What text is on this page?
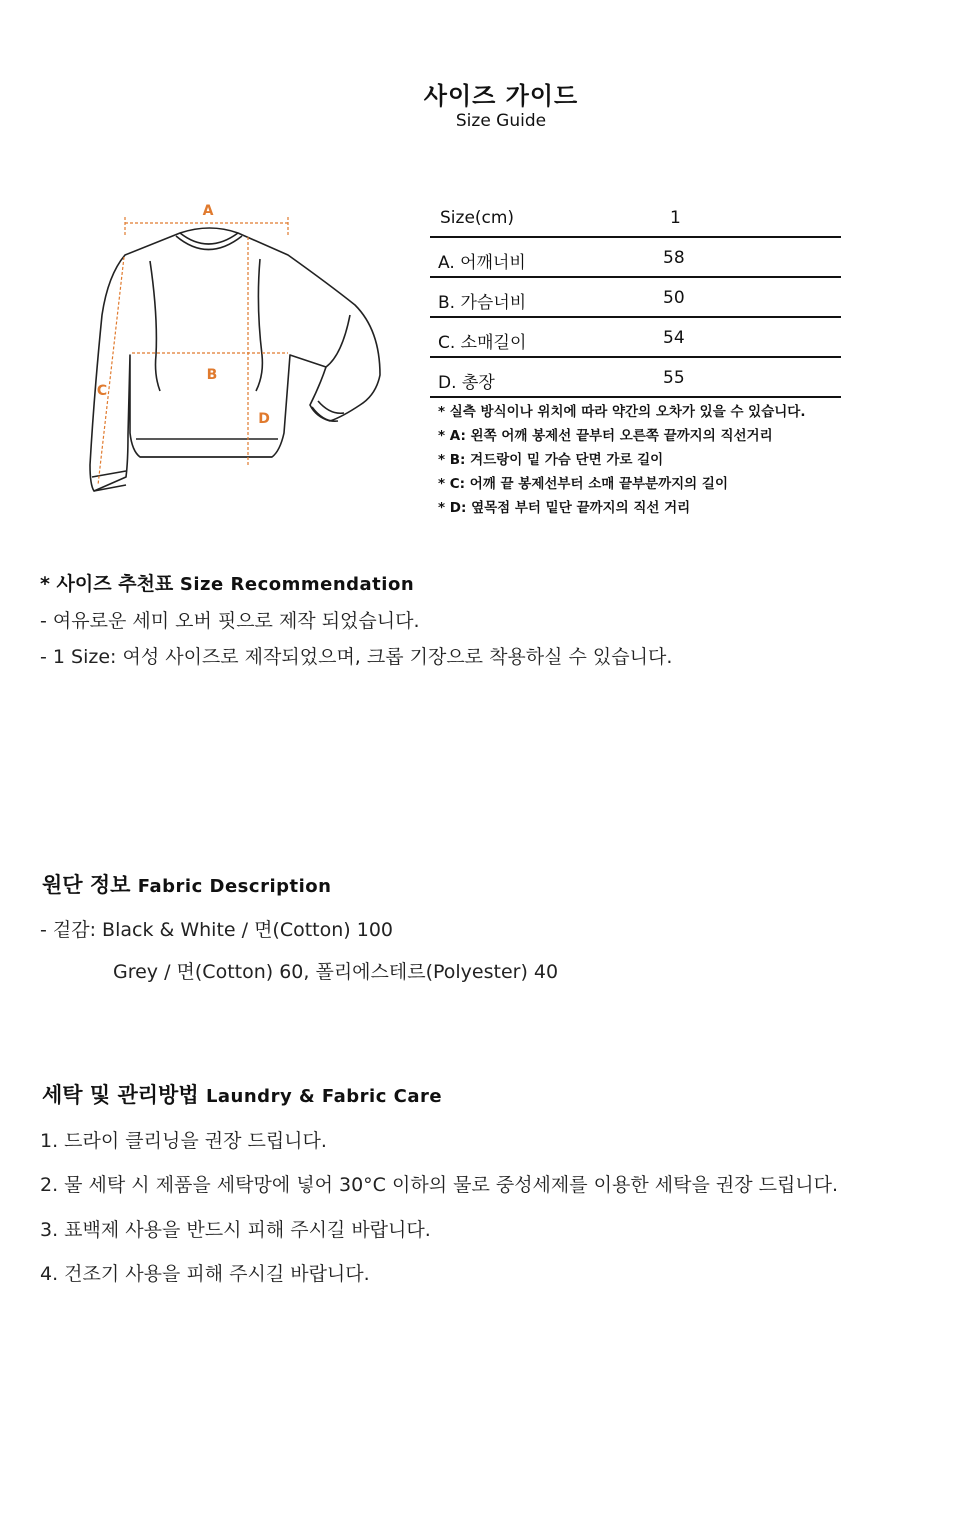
사이즈 가이드
Size Guide
A
B
C
D
Size(cm)	1
A. 어깨너비	58
B. 가슴너비	50
C. 소매길이	54
D. 총장	55
* 실측 방식이나 위치에 따라 약간의 오차가 있을 수 있습니다.
* A: 왼쪽 어깨 봉제선 끝부터 오른쪽 끝까지의 직선거리
* B: 겨드랑이 밑 가슴 단면 가로 길이
* C: 어깨 끝 봉제선부터 소매 끝부분까지의 길이
* D: 옆목점 부터 밑단 끝까지의 직선 거리
* 사이즈 추천표 Size Recommendation
- 여유로운 세미 오버 핏으로 제작 되었습니다.
- 1 Size: 여성 사이즈로 제작되었으며, 크롭 기장으로 착용하실 수 있습니다.
원단 정보 Fabric Description
- 겉감: Black & White / 면(Cotton) 100
Grey / 면(Cotton) 60, 폴리에스테르(Polyester) 40
세탁 및 관리방법 Laundry & Fabric Care
1. 드라이 클리닝을 권장 드립니다.
2. 물 세탁 시 제품을 세탁망에 넣어 30°C 이하의 물로 중성세제를 이용한 세탁을 권장 드립니다.
3. 표백제 사용을 반드시 피해 주시길 바랍니다.
4. 건조기 사용을 피해 주시길 바랍니다.
